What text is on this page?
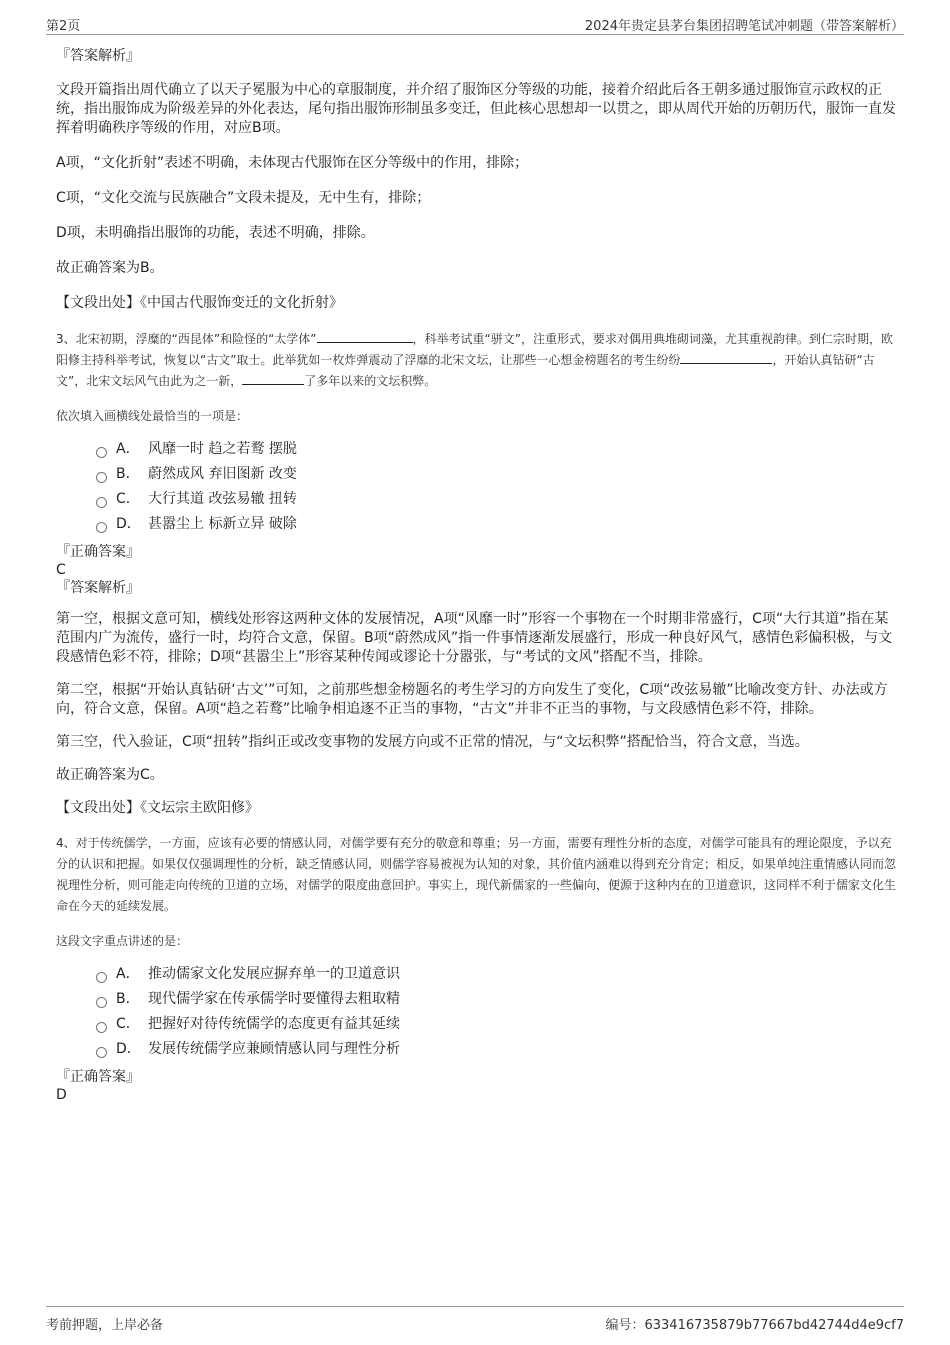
第2页	2024年贵定县茅台集团招聘笔试冲刺题（带答案解析）
『答案解析』

文段开篇指出周代确立了以天子冕服为中心的章服制度，并介绍了服饰区分等级的功能，接着介绍此后各王朝多通过服饰宣示政权的正统，指出服饰成为阶级差异的外化表达，尾句指出服饰形制虽多变迁，但此核心思想却一以贯之，即从周代开始的历朝历代，服饰一直发挥着明确秩序等级的作用，对应B项。

A项，“文化折射”表述不明确，未体现古代服饰在区分等级中的作用，排除；

C项，“文化交流与民族融合”文段未提及，无中生有，排除；

D项，未明确指出服饰的功能，表述不明确，排除。

故正确答案为B。

【文段出处】《中国古代服饰变迁的文化折射》

3、北宋初期，浮糜的“西昆体”和险怪的“太学体”	，科举考试重“骈文”，注重形式，要求对偶用典堆砌词藻，尤其重视韵律。到仁宗时期，欧阳修主持科举考试，恢复以“古文”取士。此举犹如一枚炸弹震动了浮靡的北宋文坛，让那些一心想金榜题名的考生纷纷	，开始认真钻研“古文”，北宋文坛风气由此为之一新，	了多年以来的文坛积弊。

依次填入画横线处最恰当的一项是：

A． 风靡一时 趋之若鹜 摆脱
B． 蔚然成风 弃旧图新 改变
C． 大行其道 改弦易辙 扭转
D． 甚嚣尘上 标新立异 破除
『正确答案』
C
『答案解析』

第一空，根据文意可知，横线处形容这两种文体的发展情况，A项“风靡一时”形容一个事物在一个时期非常盛行，C项“大行其道”指在某范围内广为流传，盛行一时，均符合文意，保留。B项“蔚然成风”指一件事情逐渐发展盛行，形成一种良好风气，感情色彩偏积极，与文段感情色彩不符，排除；D项“甚嚣尘上”形容某种传闻或谬论十分嚣张，与“考试的文风”搭配不当，排除。

第二空，根据“开始认真钻研‘古文’”可知，之前那些想金榜题名的考生学习的方向发生了变化，C项“改弦易辙”比喻改变方针、办法或方向，符合文意，保留。A项“趋之若鹜”比喻争相追逐不正当的事物，“古文”并非不正当的事物，与文段感情色彩不符，排除。

第三空，代入验证，C项“扭转”指纠正或改变事物的发展方向或不正常的情况，与“文坛积弊”搭配恰当，符合文意，当选。

故正确答案为C。

【文段出处】《文坛宗主欧阳修》

4、对于传统儒学，一方面，应该有必要的情感认同，对儒学要有充分的敬意和尊重；另一方面，需要有理性分析的态度，对儒学可能具有的理论限度，予以充分的认识和把握。如果仅仅强调理性的分析，缺乏情感认同，则儒学容易被视为认知的对象，其价值内涵难以得到充分肯定；相反，如果单纯注重情感认同而忽视理性分析，则可能走向传统的卫道的立场，对儒学的限度曲意回护。事实上，现代新儒家的一些偏向，便源于这种内在的卫道意识，这同样不利于儒家文化生命在今天的延续发展。

这段文字重点讲述的是：

A． 推动儒家文化发展应摒弃单一的卫道意识
B． 现代儒学家在传承儒学时要懂得去粗取精
C． 把握好对待传统儒学的态度更有益其延续
D． 发展传统儒学应兼顾情感认同与理性分析
『正确答案』
D
考前押题，上岸必备	编号：633416735879b77667bd42744d4e9cf7
